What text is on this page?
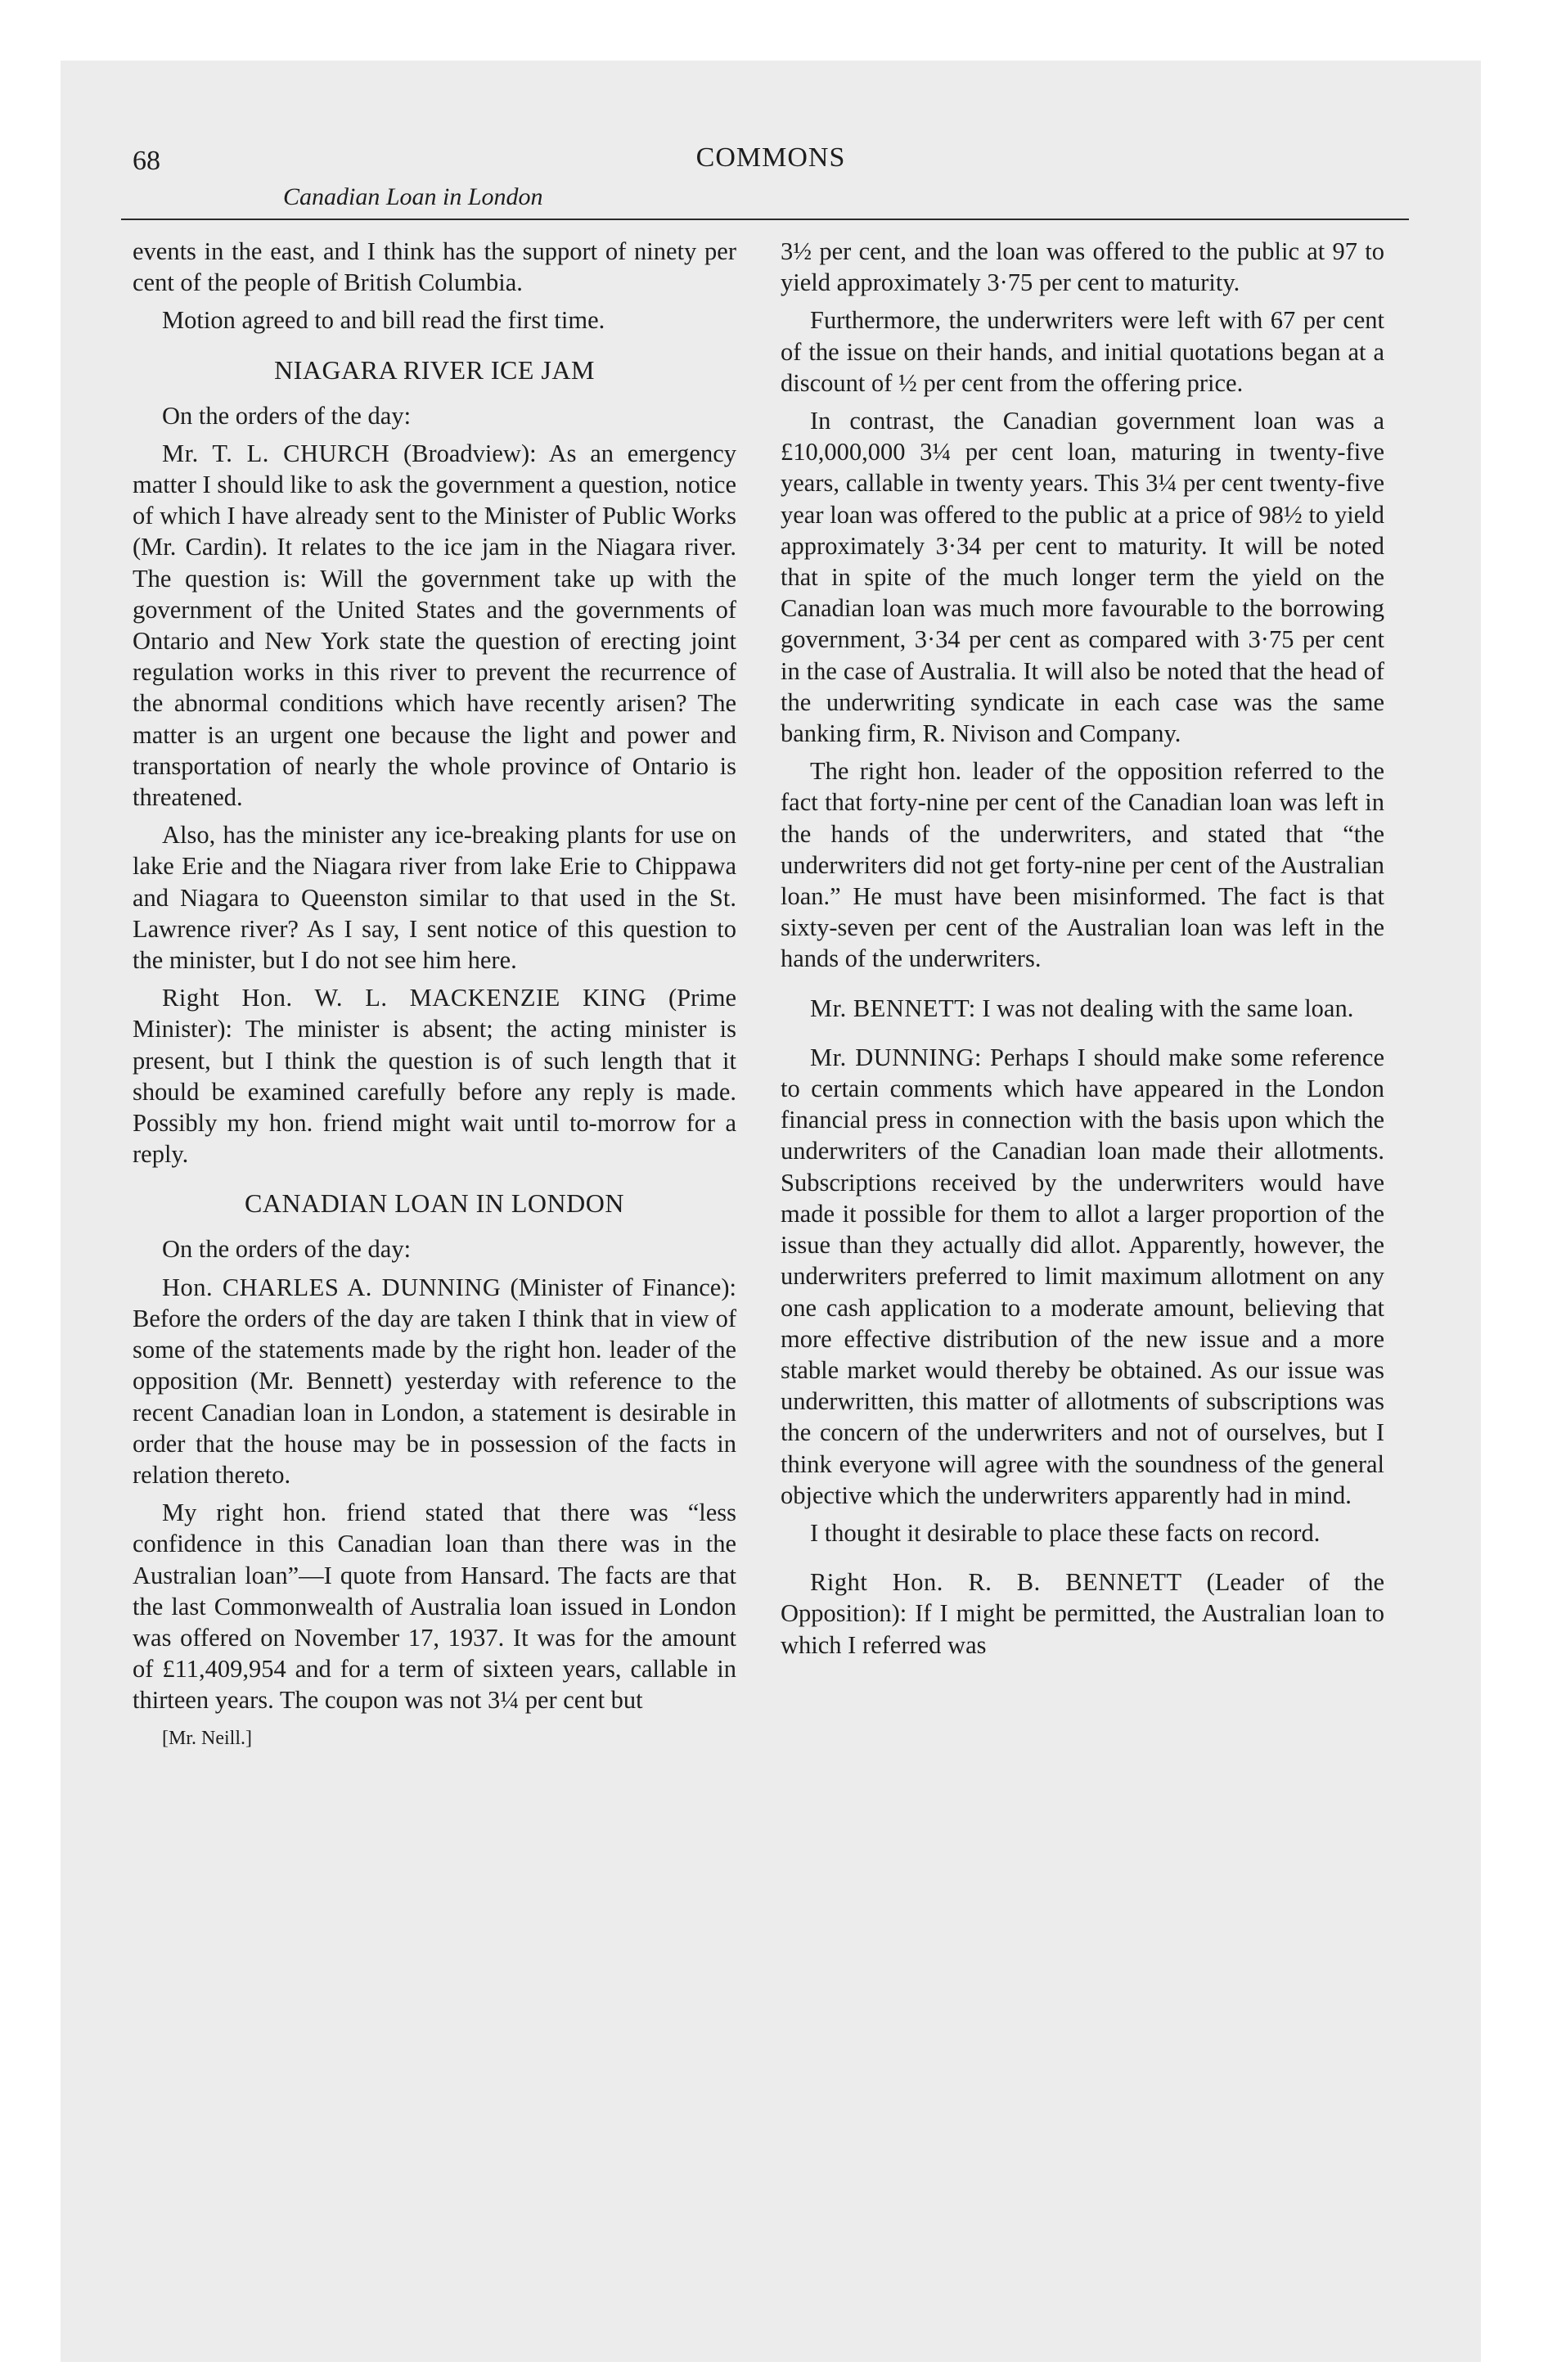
68	COMMONS

Canadian Loan in London

events in the east, and I think has the support of ninety per cent of the people of British Columbia.

Motion agreed to and bill read the first time.

NIAGARA RIVER ICE JAM

On the orders of the day:

Mr. T. L. CHURCH (Broadview): As an emergency matter I should like to ask the government a question, notice of which I have already sent to the Minister of Public Works (Mr. Cardin). It relates to the ice jam in the Niagara river. The question is: Will the government take up with the government of the United States and the governments of Ontario and New York state the question of erecting joint regulation works in this river to prevent the recurrence of the abnormal conditions which have recently arisen? The matter is an urgent one because the light and power and transportation of nearly the whole province of Ontario is threatened.

Also, has the minister any ice-breaking plants for use on lake Erie and the Niagara river from lake Erie to Chippawa and Niagara to Queenston similar to that used in the St. Lawrence river? As I say, I sent notice of this question to the minister, but I do not see him here.

Right Hon. W. L. MACKENZIE KING (Prime Minister): The minister is absent; the acting minister is present, but I think the question is of such length that it should be examined carefully before any reply is made. Possibly my hon. friend might wait until to-morrow for a reply.

CANADIAN LOAN IN LONDON

On the orders of the day:

Hon. CHARLES A. DUNNING (Minister of Finance): Before the orders of the day are taken I think that in view of some of the statements made by the right hon. leader of the opposition (Mr. Bennett) yesterday with reference to the recent Canadian loan in London, a statement is desirable in order that the house may be in possession of the facts in relation thereto.

My right hon. friend stated that there was “less confidence in this Canadian loan than there was in the Australian loan”—I quote from Hansard. The facts are that the last Commonwealth of Australia loan issued in London was offered on November 17, 1937. It was for the amount of £11,409,954 and for a term of sixteen years, callable in thirteen years. The coupon was not 3¼ per cent but

[Mr. Neill.]

3½ per cent, and the loan was offered to the public at 97 to yield approximately 3·75 per cent to maturity.

Furthermore, the underwriters were left with 67 per cent of the issue on their hands, and initial quotations began at a discount of ½ per cent from the offering price.

In contrast, the Canadian government loan was a £10,000,000 3¼ per cent loan, maturing in twenty-five years, callable in twenty years. This 3¼ per cent twenty-five year loan was offered to the public at a price of 98½ to yield approximately 3·34 per cent to maturity. It will be noted that in spite of the much longer term the yield on the Canadian loan was much more favourable to the borrowing government, 3·34 per cent as compared with 3·75 per cent in the case of Australia. It will also be noted that the head of the underwriting syndicate in each case was the same banking firm, R. Nivison and Company.

The right hon. leader of the opposition referred to the fact that forty-nine per cent of the Canadian loan was left in the hands of the underwriters, and stated that “the underwriters did not get forty-nine per cent of the Australian loan.” He must have been misinformed. The fact is that sixty-seven per cent of the Australian loan was left in the hands of the underwriters.

Mr. BENNETT: I was not dealing with the same loan.

Mr. DUNNING: Perhaps I should make some reference to certain comments which have appeared in the London financial press in connection with the basis upon which the underwriters of the Canadian loan made their allotments. Subscriptions received by the underwriters would have made it possible for them to allot a larger proportion of the issue than they actually did allot. Apparently, however, the underwriters preferred to limit maximum allotment on any one cash application to a moderate amount, believing that more effective distribution of the new issue and a more stable market would thereby be obtained. As our issue was underwritten, this matter of allotments of subscriptions was the concern of the underwriters and not of ourselves, but I think everyone will agree with the soundness of the general objective which the underwriters apparently had in mind.

I thought it desirable to place these facts on record.

Right Hon. R. B. BENNETT (Leader of the Opposition): If I might be permitted, the Australian loan to which I referred was
